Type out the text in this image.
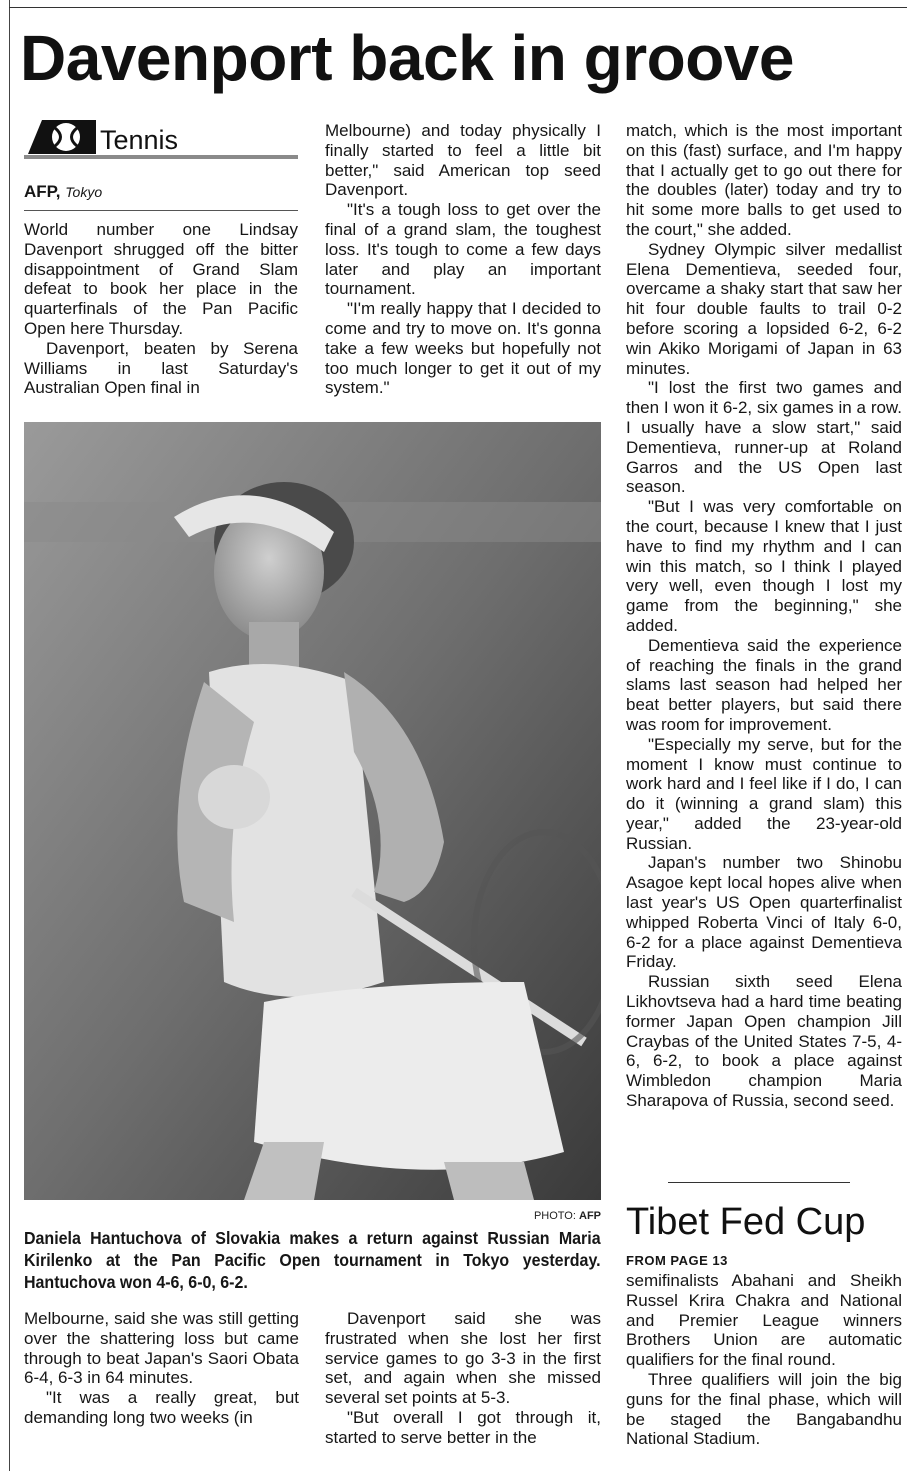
Davenport back in groove
Tennis
AFP, Tokyo

World number one Lindsay Davenport shrugged off the bitter disappointment of Grand Slam defeat to book her place in the quarterfinals of the Pan Pacific Open here Thursday.

Davenport, beaten by Serena Williams in last Saturday's Australian Open final in

Melbourne) and today physically I finally started to feel a little bit better," said American top seed Davenport.

"It's a tough loss to get over the final of a grand slam, the toughest loss. It's tough to come a few days later and play an important tournament.

"I'm really happy that I decided to come and try to move on. It's gonna take a few weeks but hopefully not too much longer to get it out of my system."

PHOTO: AFP

Daniela Hantuchova of Slovakia makes a return against Russian Maria Kirilenko at the Pan Pacific Open tournament in Tokyo yesterday. Hantuchova won 4-6, 6-0, 6-2.

Melbourne, said she was still getting over the shattering loss but came through to beat Japan's Saori Obata 6-4, 6-3 in 64 minutes.

"It was a really great, but demanding long two weeks (in

Davenport said she was frustrated when she lost her first service games to go 3-3 in the first set, and again when she missed several set points at 5-3.

"But overall I got through it, started to serve better in the

match, which is the most important on this (fast) surface, and I'm happy that I actually get to go out there for the doubles (later) today and try to hit some more balls to get used to the court," she added.

Sydney Olympic silver medallist Elena Dementieva, seeded four, overcame a shaky start that saw her hit four double faults to trail 0-2 before scoring a lopsided 6-2, 6-2 win Akiko Morigami of Japan in 63 minutes.

"I lost the first two games and then I won it 6-2, six games in a row. I usually have a slow start," said Dementieva, runner-up at Roland Garros and the US Open last season.

"But I was very comfortable on the court, because I knew that I just have to find my rhythm and I can win this match, so I think I played very well, even though I lost my game from the beginning," she added.

Dementieva said the experience of reaching the finals in the grand slams last season had helped her beat better players, but said there was room for improvement.

"Especially my serve, but for the moment I know must continue to work hard and I feel like if I do, I can do it (winning a grand slam) this year," added the 23-year-old Russian.

Japan's number two Shinobu Asagoe kept local hopes alive when last year's US Open quarterfinalist whipped Roberta Vinci of Italy 6-0, 6-2 for a place against Dementieva Friday.

Russian sixth seed Elena Likhovtseva had a hard time beating former Japan Open champion Jill Craybas of the United States 7-5, 4-6, 6-2, to book a place against Wimbledon champion Maria Sharapova of Russia, second seed.

Tibet Fed Cup
FROM PAGE 13

semifinalists Abahani and Sheikh Russel Krira Chakra and National and Premier League winners Brothers Union are automatic qualifiers for the final round.

Three qualifiers will join the big guns for the final phase, which will be staged the Bangabandhu National Stadium.
